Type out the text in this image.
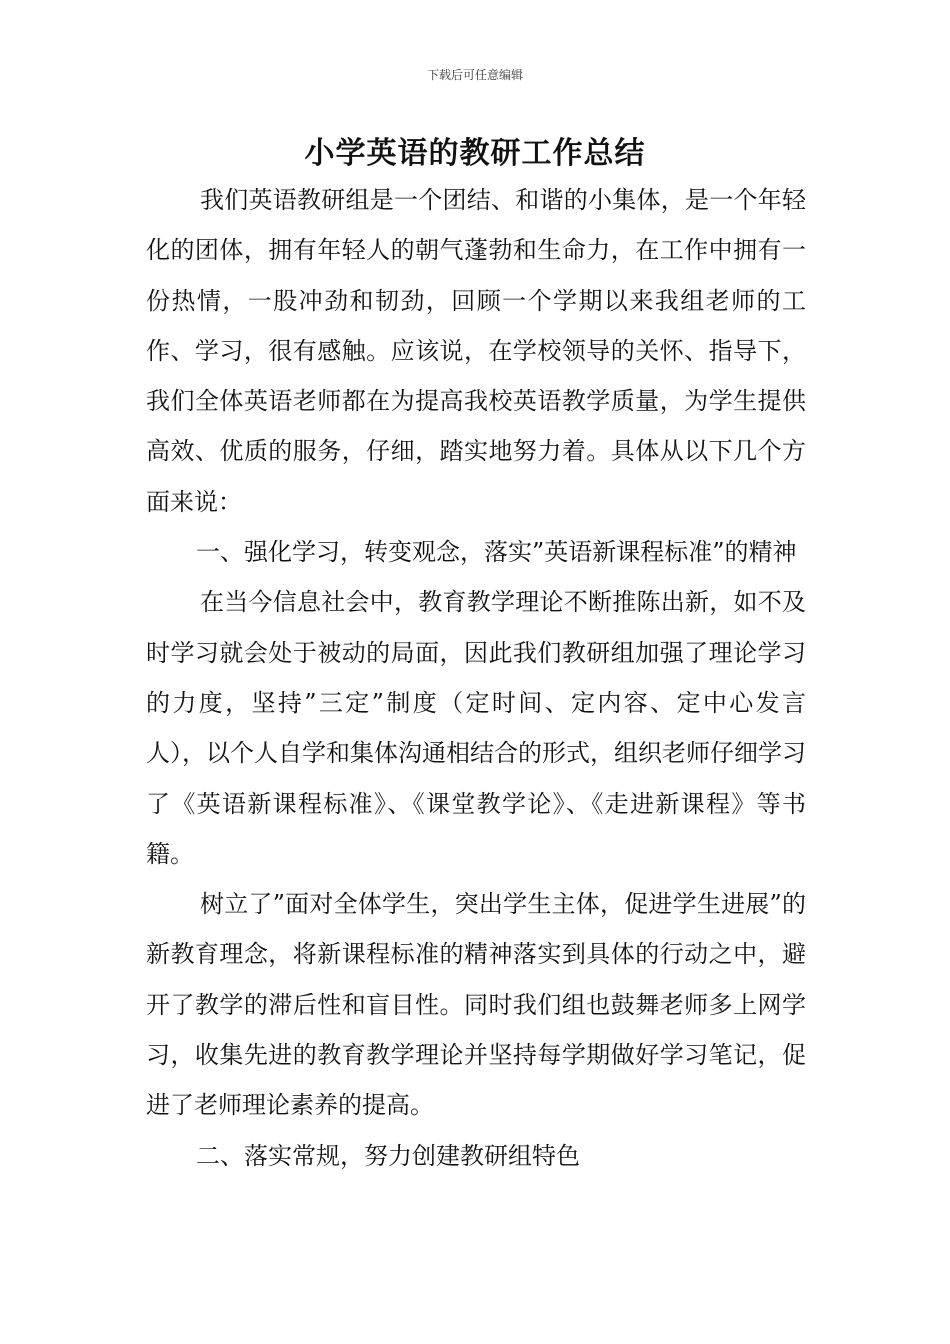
下载后可任意编辑
小学英语的教研工作总结

我们英语教研组是一个团结、和谐的小集体，是一个年轻化的团体，拥有年轻人的朝气蓬勃和生命力，在工作中拥有一份热情，一股冲劲和韧劲，回顾一个学期以来我组老师的工作、学习，很有感触。应该说，在学校领导的关怀、指导下，我们全体英语老师都在为提高我校英语教学质量，为学生提供高效、优质的服务，仔细，踏实地努力着。具体从以下几个方面来说：

一、强化学习，转变观念，落实”英语新课程标准”的精神

在当今信息社会中，教育教学理论不断推陈出新，如不及时学习就会处于被动的局面，因此我们教研组加强了理论学习的力度，坚持”三定”制度（定时间、定内容、定中心发言人），以个人自学和集体沟通相结合的形式，组织老师仔细学习了《英语新课程标准》、《课堂教学论》、《走进新课程》等书籍。

树立了”面对全体学生，突出学生主体，促进学生进展”的新教育理念，将新课程标准的精神落实到具体的行动之中，避开了教学的滞后性和盲目性。同时我们组也鼓舞老师多上网学习，收集先进的教育教学理论并坚持每学期做好学习笔记，促进了老师理论素养的提高。

二、落实常规，努力创建教研组特色
